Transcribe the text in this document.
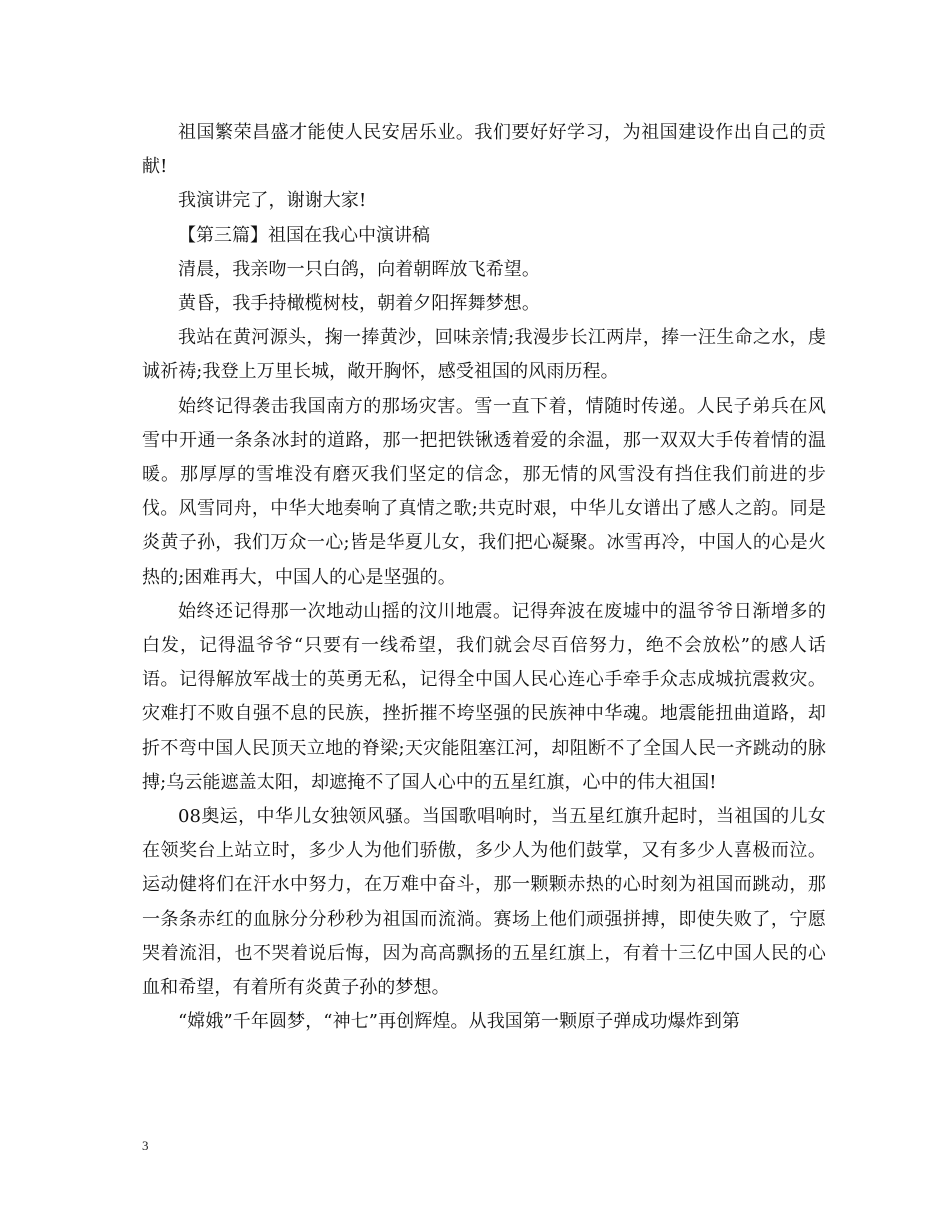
祖国繁荣昌盛才能使人民安居乐业。我们要好好学习，为祖国建设作出自己的贡献!

我演讲完了，谢谢大家!

【第三篇】祖国在我心中演讲稿

清晨，我亲吻一只白鸽，向着朝晖放飞希望。

黄昏，我手持橄榄树枝，朝着夕阳挥舞梦想。

我站在黄河源头，掬一捧黄沙，回味亲情;我漫步长江两岸，捧一汪生命之水，虔诚祈祷;我登上万里长城，敞开胸怀，感受祖国的风雨历程。

始终记得袭击我国南方的那场灾害。雪一直下着，情随时传递。人民子弟兵在风雪中开通一条条冰封的道路，那一把把铁锹透着爱的余温，那一双双大手传着情的温暖。那厚厚的雪堆没有磨灭我们坚定的信念，那无情的风雪没有挡住我们前进的步伐。风雪同舟，中华大地奏响了真情之歌;共克时艰，中华儿女谱出了感人之韵。同是炎黄子孙，我们万众一心;皆是华夏儿女，我们把心凝聚。冰雪再冷，中国人的心是火热的;困难再大，中国人的心是坚强的。

始终还记得那一次地动山摇的汶川地震。记得奔波在废墟中的温爷爷日渐增多的白发，记得温爷爷“只要有一线希望，我们就会尽百倍努力，绝不会放松”的感人话语。记得解放军战士的英勇无私，记得全中国人民心连心手牵手众志成城抗震救灾。灾难打不败自强不息的民族，挫折摧不垮坚强的民族神中华魂。地震能扭曲道路，却折不弯中国人民顶天立地的脊梁;天灾能阻塞江河，却阻断不了全国人民一齐跳动的脉搏;乌云能遮盖太阳，却遮掩不了国人心中的五星红旗，心中的伟大祖国!

08奥运，中华儿女独领风骚。当国歌唱响时，当五星红旗升起时，当祖国的儿女在领奖台上站立时，多少人为他们骄傲，多少人为他们鼓掌，又有多少人喜极而泣。运动健将们在汗水中努力，在万难中奋斗，那一颗颗赤热的心时刻为祖国而跳动，那一条条赤红的血脉分分秒秒为祖国而流淌。赛场上他们顽强拼搏，即使失败了，宁愿哭着流泪，也不哭着说后悔，因为高高飘扬的五星红旗上，有着十三亿中国人民的心血和希望，有着所有炎黄子孙的梦想。

“嫦娥”千年圆梦，“神七”再创辉煌。从我国第一颗原子弹成功爆炸到第

3
